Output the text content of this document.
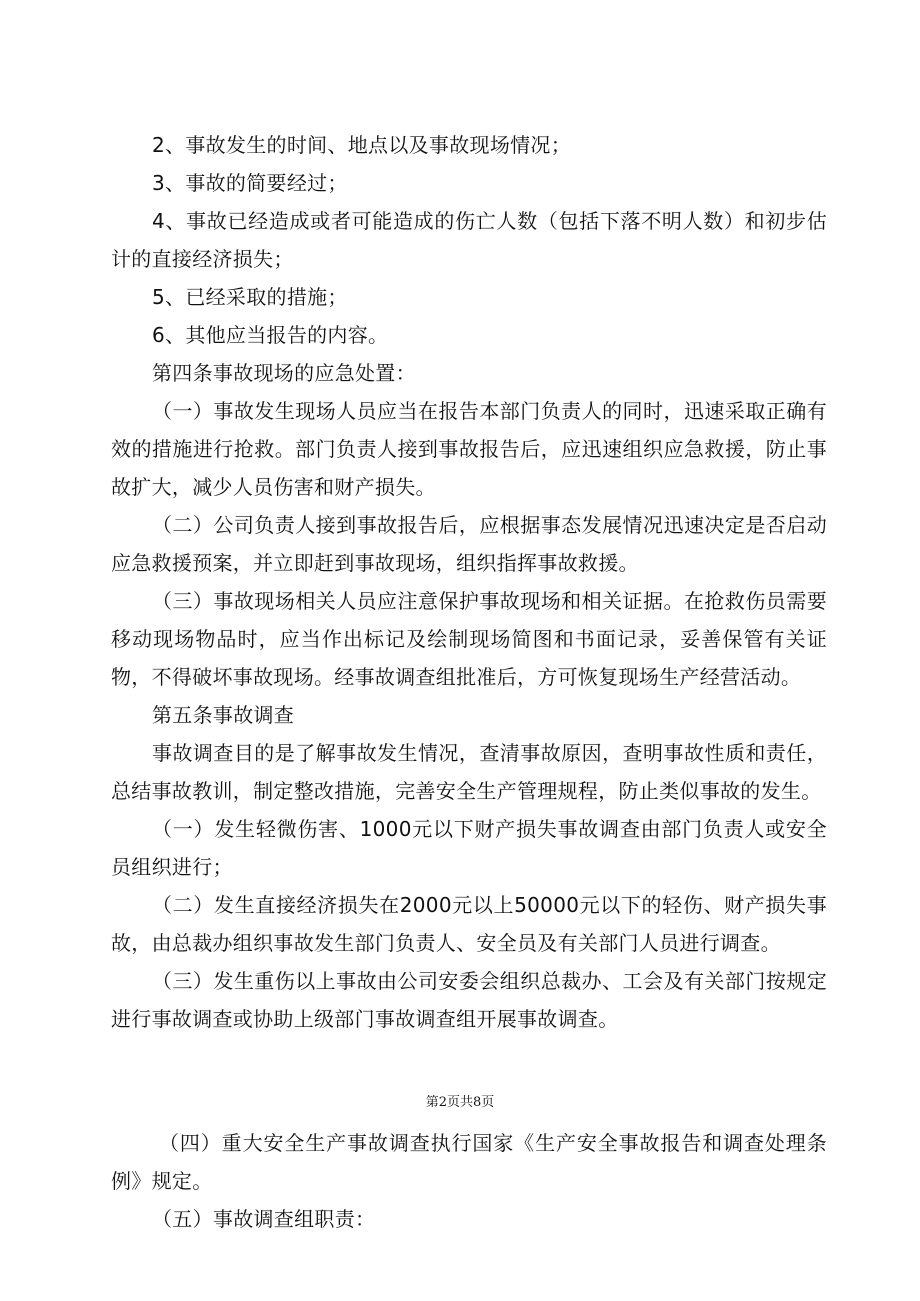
2、事故发生的时间、地点以及事故现场情况；

3、事故的简要经过；

4、事故已经造成或者可能造成的伤亡人数（包括下落不明人数）和初步估计的直接经济损失；

5、已经采取的措施；

6、其他应当报告的内容。

第四条事故现场的应急处置：

（一）事故发生现场人员应当在报告本部门负责人的同时，迅速采取正确有效的措施进行抢救。部门负责人接到事故报告后，应迅速组织应急救援，防止事故扩大，减少人员伤害和财产损失。

（二）公司负责人接到事故报告后，应根据事态发展情况迅速决定是否启动应急救援预案，并立即赶到事故现场，组织指挥事故救援。

（三）事故现场相关人员应注意保护事故现场和相关证据。在抢救伤员需要移动现场物品时，应当作出标记及绘制现场简图和书面记录，妥善保管有关证物，不得破坏事故现场。经事故调查组批准后，方可恢复现场生产经营活动。

第五条事故调查

事故调查目的是了解事故发生情况，查清事故原因，查明事故性质和责任，总结事故教训，制定整改措施，完善安全生产管理规程，防止类似事故的发生。

（一）发生轻微伤害、1000元以下财产损失事故调查由部门负责人或安全员组织进行；

（二）发生直接经济损失在2000元以上50000元以下的轻伤、财产损失事故，由总裁办组织事故发生部门负责人、安全员及有关部门人员进行调查。

（三）发生重伤以上事故由公司安委会组织总裁办、工会及有关部门按规定进行事故调查或协助上级部门事故调查组开展事故调查。

第2页共8页

（四）重大安全生产事故调查执行国家《生产安全事故报告和调查处理条例》规定。

（五）事故调查组职责：
